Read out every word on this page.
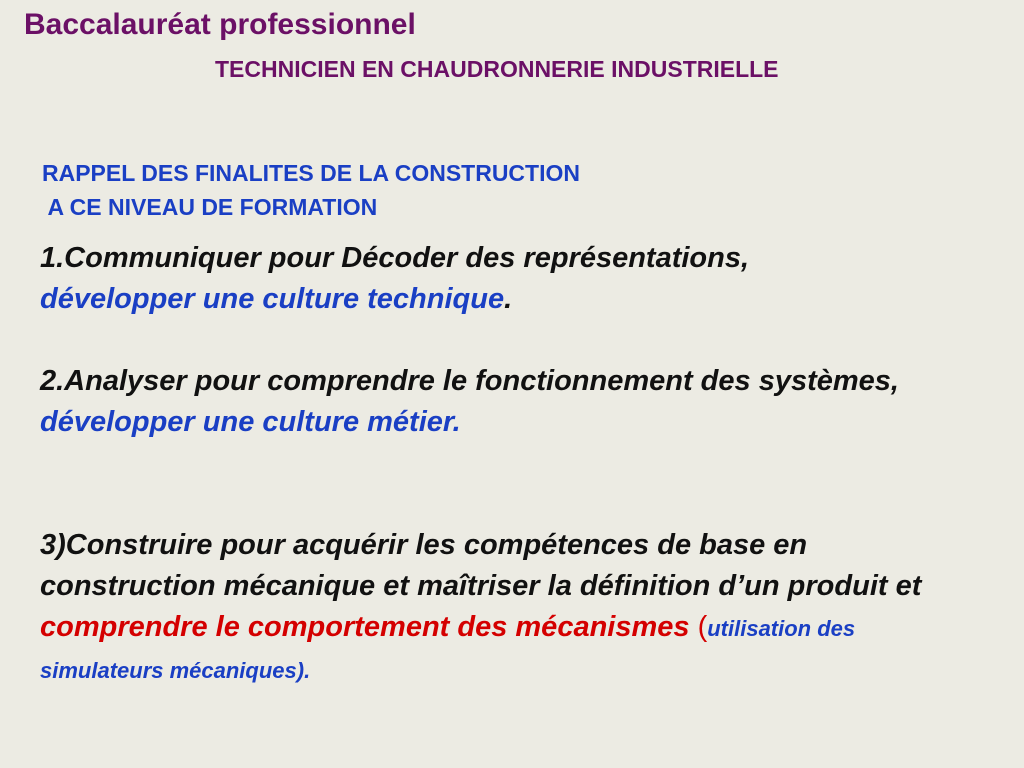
Baccalauréat professionnel
TECHNICIEN EN CHAUDRONNERIE INDUSTRIELLE
RAPPEL DES FINALITES DE LA CONSTRUCTION
A CE NIVEAU DE FORMATION
1.Communiquer pour Décoder des représentations,
développer une culture technique.
2.Analyser pour comprendre le fonctionnement des systèmes, développer une culture métier.
3)Construire pour acquérir les compétences de base en construction mécanique et maîtriser la définition d’un produit et comprendre le comportement des mécanismes (utilisation des simulateurs mécaniques).
